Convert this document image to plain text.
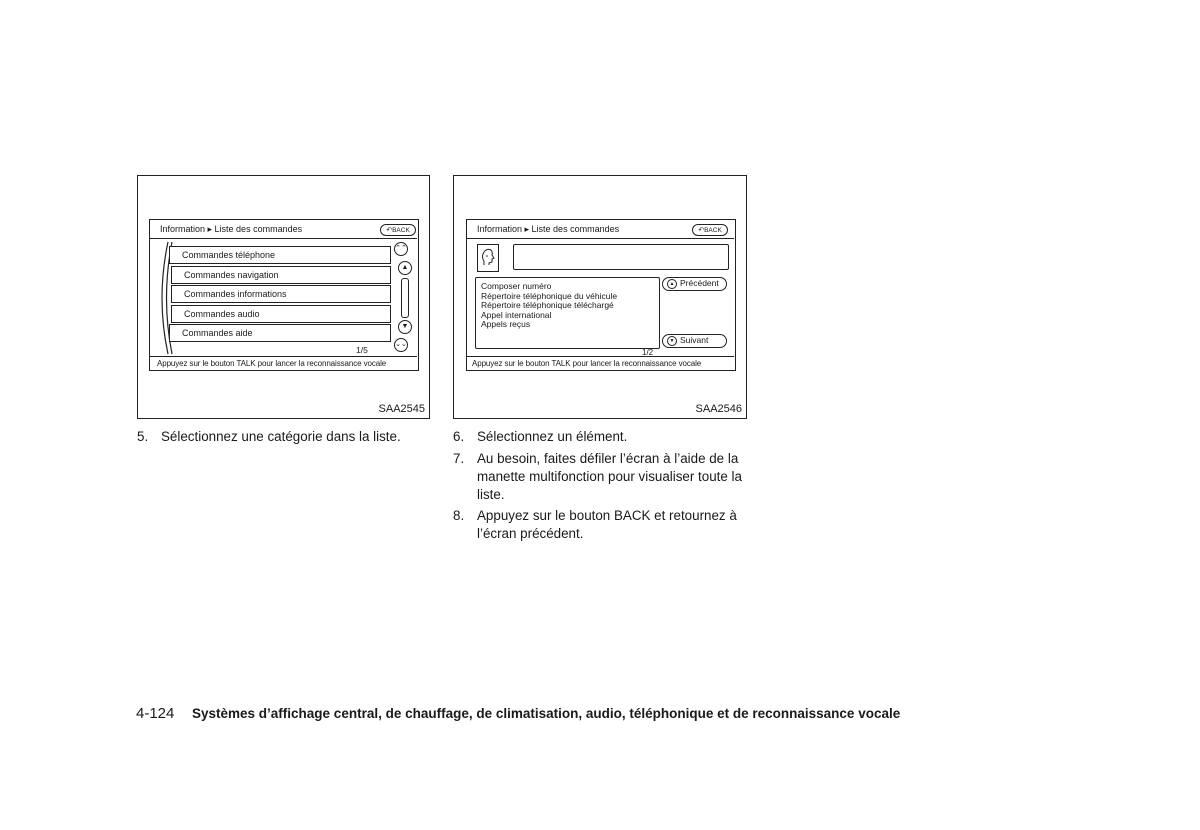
Information ▸ Liste des commandes	↶BACK
Commandes téléphone
Commandes navigation
Commandes informations
Commandes audio
Commandes aide
1/5
⌃⌃
▲
▼
⌄⌄
Appuyez sur le bouton TALK pour lancer la reconnaissance vocale
SAA2545
Information ▸ Liste des commandes	↶BACK
Composer numéro
Répertoire téléphonique du véhicule
Répertoire téléphonique téléchargé
Appel international
Appels reçus
1/2
▲ Précédent
▼ Suivant
Appuyez sur le bouton TALK pour lancer la reconnaissance vocale
SAA2546
5. Sélectionnez une catégorie dans la liste.	6. Sélectionnez un élément.
7. Au besoin, faites défiler l’écran à l’aide de la
manette multifonction pour visualiser toute la
liste.
8. Appuyez sur le bouton BACK et retournez à
l’écran précédent.
4-124 Systèmes d’affichage central, de chauffage, de climatisation, audio, téléphonique et de reconnaissance vocale
